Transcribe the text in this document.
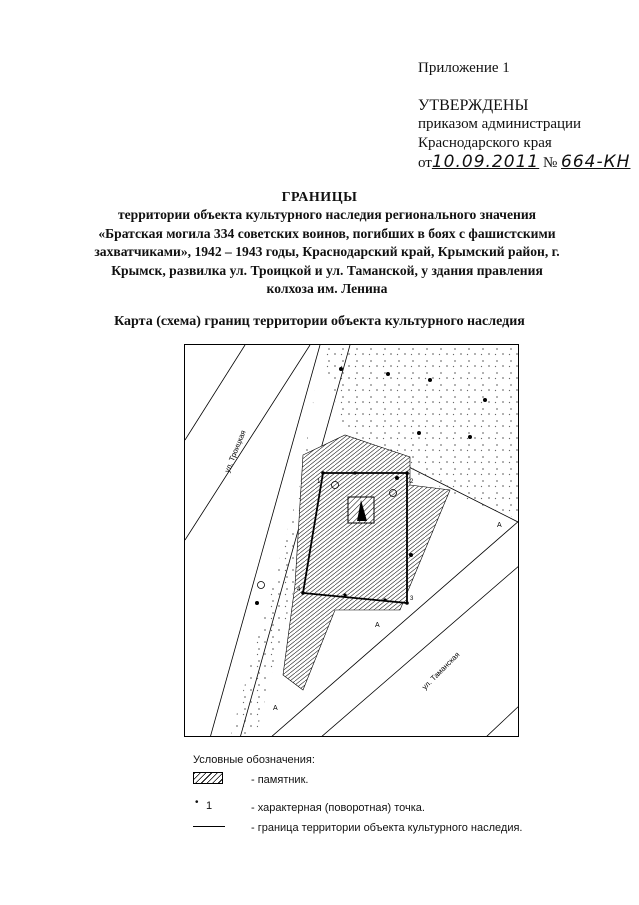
Приложение 1
УТВЕРЖДЕНЫ
приказом администрации
Краснодарского края
от10.09.2011 № 664-КН
ГРАНИЦЫ
территории объекта культурного наследия регионального значения «Братская могила 334 советских воинов, погибших в боях с фашистскими захватчиками», 1942 – 1943 годы, Краснодарский край, Крымский район, г. Крымск, развилка ул. Троицкой и ул. Таманской, у здания правления колхоза им. Ленина
Карта (схема) границ территории объекта культурного наследия
1	2
3
4
ул. Троицкая
ул. Таманская
А
А
А
Условные обозначения:
- памятник.
• 1	- характерная (поворотная) точка.
- граница территории объекта культурного наследия.
